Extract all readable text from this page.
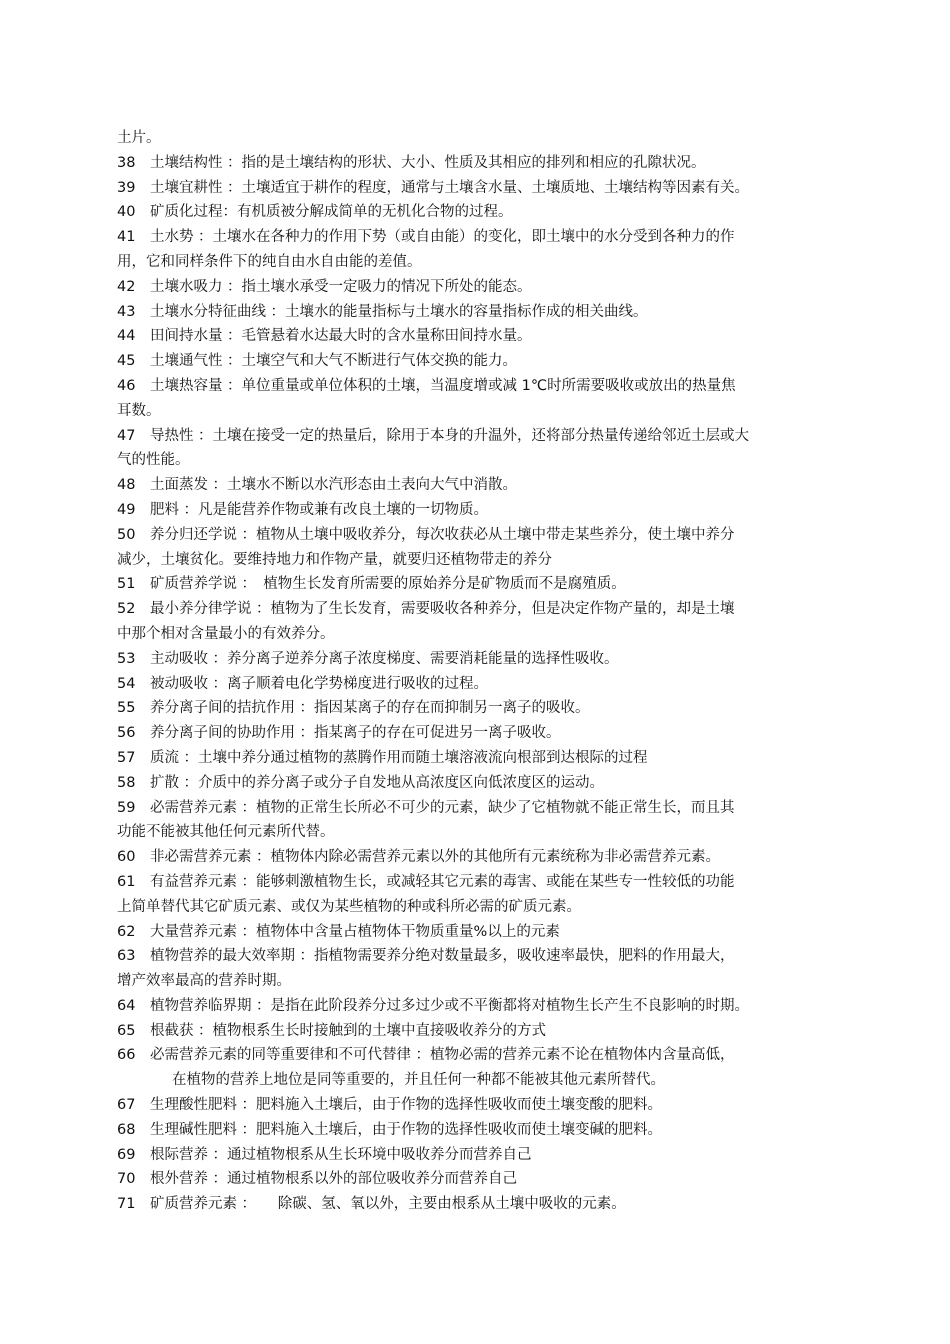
土片。
38　土壤结构性 ：指的是土壤结构的形状、大小、性质及其相应的排列和相应的孔隙状况。
39　土壤宜耕性 ：土壤适宜于耕作的程度，通常与土壤含水量、土壤质地、土壤结构等因素有关。
40　矿质化过程：有机质被分解成简单的无机化合物的过程。
41　土水势 ：土壤水在各种力的作用下势（或自由能）的变化，即土壤中的水分受到各种力的作
用，它和同样条件下的纯自由水自由能的差值。
42　土壤水吸力 ：指土壤水承受一定吸力的情况下所处的能态。
43　土壤水分特征曲线 ：土壤水的能量指标与土壤水的容量指标作成的相关曲线。
44　田间持水量 ：毛管悬着水达最大时的含水量称田间持水量。
45　土壤通气性 ：土壤空气和大气不断进行气体交换的能力。
46　土壤热容量 ：单位重量或单位体积的土壤，当温度增或减 1℃时所需要吸收或放出的热量焦
耳数。
47　导热性 ：土壤在接受一定的热量后，除用于本身的升温外，还将部分热量传递给邻近土层或大
气的性能。
48　土面蒸发 ：土壤水不断以水汽形态由土表向大气中消散。
49　肥料 ：凡是能营养作物或兼有改良土壤的一切物质。
50　养分归还学说 ：植物从土壤中吸收养分，每次收获必从土壤中带走某些养分，使土壤中养分
减少，土壤贫化。要维持地力和作物产量，就要归还植物带走的养分
51　矿质营养学说 ：　植物生长发育所需要的原始养分是矿物质而不是腐殖质。
52　最小养分律学说 ：植物为了生长发育，需要吸收各种养分，但是决定作物产量的，却是土壤
中那个相对含量最小的有效养分。
53　主动吸收 ：养分离子逆养分离子浓度梯度、需要消耗能量的选择性吸收。
54　被动吸收 ：离子顺着电化学势梯度进行吸收的过程。
55　养分离子间的拮抗作用 ：指因某离子的存在而抑制另一离子的吸收。
56　养分离子间的协助作用 ：指某离子的存在可促进另一离子吸收。
57　质流 ：土壤中养分通过植物的蒸腾作用而随土壤溶液流向根部到达根际的过程
58　扩散 ：介质中的养分离子或分子自发地从高浓度区向低浓度区的运动。
59　必需营养元素 ：植物的正常生长所必不可少的元素，缺少了它植物就不能正常生长，而且其
功能不能被其他任何元素所代替。
60　非必需营养元素 ：植物体内除必需营养元素以外的其他所有元素统称为非必需营养元素。
61　有益营养元素 ：能够刺激植物生长，或减轻其它元素的毒害、或能在某些专一性较低的功能
上简单替代其它矿质元素、或仅为某些植物的种或科所必需的矿质元素。
62　大量营养元素 ：植物体中含量占植物体干物质重量%以上的元素
63　植物营养的最大效率期 ：指植物需要养分绝对数量最多，吸收速率最快，肥料的作用最大，
增产效率最高的营养时期。
64　植物营养临界期 ：是指在此阶段养分过多过少或不平衡都将对植物生长产生不良影响的时期。
65　根截获 ：植物根系生长时接触到的土壤中直接吸收养分的方式
66　必需营养元素的同等重要律和不可代替律 ：植物必需的营养元素不论在植物体内含量高低，
在植物的营养上地位是同等重要的，并且任何一种都不能被其他元素所替代。
67　生理酸性肥料 ：肥料施入土壤后，由于作物的选择性吸收而使土壤变酸的肥料。
68　生理碱性肥料 ：肥料施入土壤后，由于作物的选择性吸收而使土壤变碱的肥料。
69　根际营养 ：通过植物根系从生长环境中吸收养分而营养自己
70　根外营养 ：通过植物根系以外的部位吸收养分而营养自己
71　矿质营养元素 ：　　除碳、氢、氧以外，主要由根系从土壤中吸收的元素。
